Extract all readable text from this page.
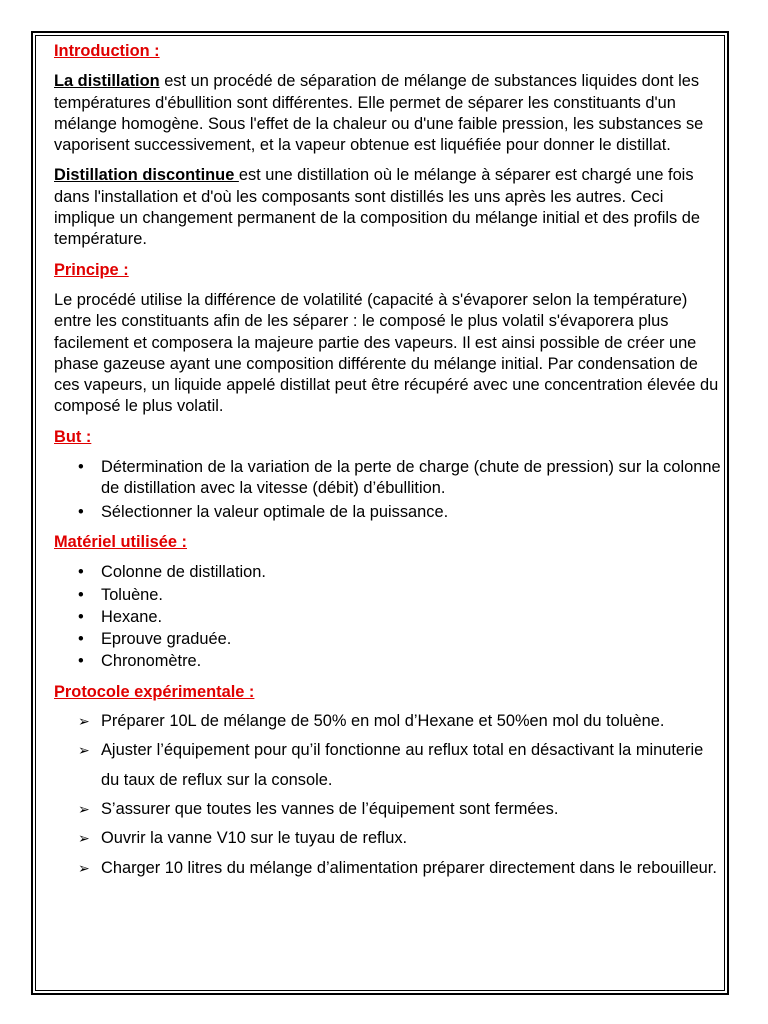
Introduction :

La distillation est un procédé de séparation de mélange de substances liquides dont les températures d'ébullition sont différentes. Elle permet de séparer les constituants d'un mélange homogène. Sous l'effet de la chaleur ou d'une faible pression, les substances se vaporisent successivement, et la vapeur obtenue est liquéfiée pour donner le distillat.

Distillation discontinue est une distillation où le mélange à séparer est chargé une fois dans l'installation et d'où les composants sont distillés les uns après les autres. Ceci implique un changement permanent de la composition du mélange initial et des profils de température.

Principe :

Le procédé utilise la différence de volatilité (capacité à s'évaporer selon la température) entre les constituants afin de les séparer : le composé le plus volatil s'évaporera plus facilement et composera la majeure partie des vapeurs. Il est ainsi possible de créer une phase gazeuse ayant une composition différente du mélange initial. Par condensation de ces vapeurs, un liquide appelé distillat peut être récupéré avec une concentration élevée du composé le plus volatil.

But :

• Détermination de la variation de la perte de charge (chute de pression) sur la colonne de distillation avec la vitesse (débit) d’ébullition.
• Sélectionner la valeur optimale de la puissance.

Matériel utilisée :

• Colonne de distillation.
• Toluène.
• Hexane.
• Eprouve graduée.
• Chronomètre.

Protocole expérimentale :

➢ Préparer 10L de mélange de 50% en mol d’Hexane et 50%en mol du toluène.
➢ Ajuster l’équipement pour qu’il fonctionne au reflux total en désactivant la minuterie du taux de reflux sur la console.
➢ S’assurer que toutes les vannes de l’équipement sont fermées.
➢ Ouvrir la vanne V10 sur le tuyau de reflux.
➢ Charger 10 litres du mélange d’alimentation préparer directement dans le rebouilleur.
